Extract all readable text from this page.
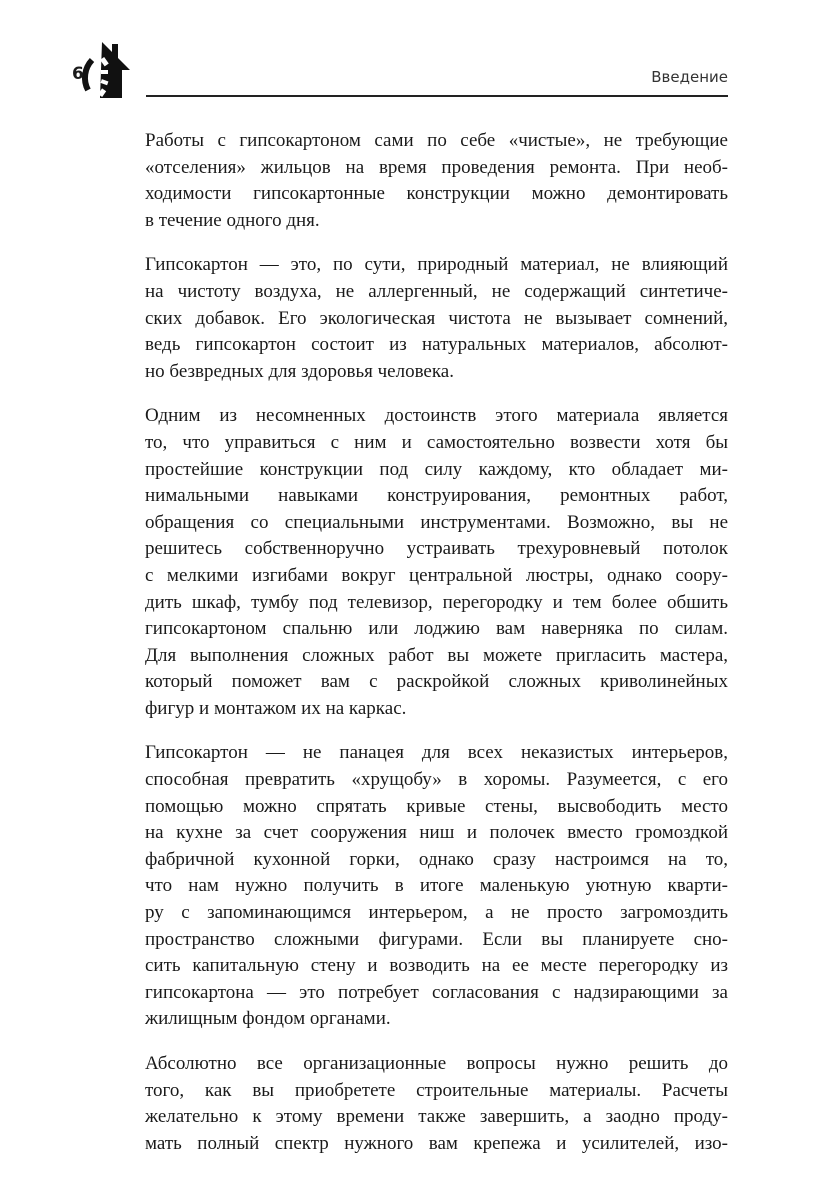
6	Введение
Работы с гипсокартоном сами по себе «чистые», не требующие
«отселения» жильцов на время проведения ремонта. При необ-
ходимости гипсокартонные конструкции можно демонтировать
в течение одного дня.
Гипсокартон — это, по сути, природный материал, не влияющий
на чистоту воздуха, не аллергенный, не содержащий синтетиче-
ских добавок. Его экологическая чистота не вызывает сомнений,
ведь гипсокартон состоит из натуральных материалов, абсолют-
но безвредных для здоровья человека.
Одним из несомненных достоинств этого материала является
то, что управиться с ним и самостоятельно возвести хотя бы
простейшие конструкции под силу каждому, кто обладает ми-
нимальными навыками конструирования, ремонтных работ,
обращения со специальными инструментами. Возможно, вы не
решитесь собственноручно устраивать трехуровневый потолок
с мелкими изгибами вокруг центральной люстры, однако соору-
дить шкаф, тумбу под телевизор, перегородку и тем более обшить
гипсокартоном спальню или лоджию вам наверняка по силам.
Для выполнения сложных работ вы можете пригласить мастера,
который поможет вам с раскройкой сложных криволинейных
фигур и монтажом их на каркас.
Гипсокартон — не панацея для всех неказистых интерьеров,
способная превратить «хрущобу» в хоромы. Разумеется, с его
помощью можно спрятать кривые стены, высвободить место
на кухне за счет сооружения ниш и полочек вместо громоздкой
фабричной кухонной горки, однако сразу настроимся на то,
что нам нужно получить в итоге маленькую уютную кварти-
ру с запоминающимся интерьером, а не просто загромоздить
пространство сложными фигурами. Если вы планируете сно-
сить капитальную стену и возводить на ее месте перегородку из
гипсокартона — это потребует согласования с надзирающими за
жилищным фондом органами.
Абсолютно все организационные вопросы нужно решить до
того, как вы приобретете строительные материалы. Расчеты
желательно к этому времени также завершить, а заодно проду-
мать полный спектр нужного вам крепежа и усилителей, изо-
